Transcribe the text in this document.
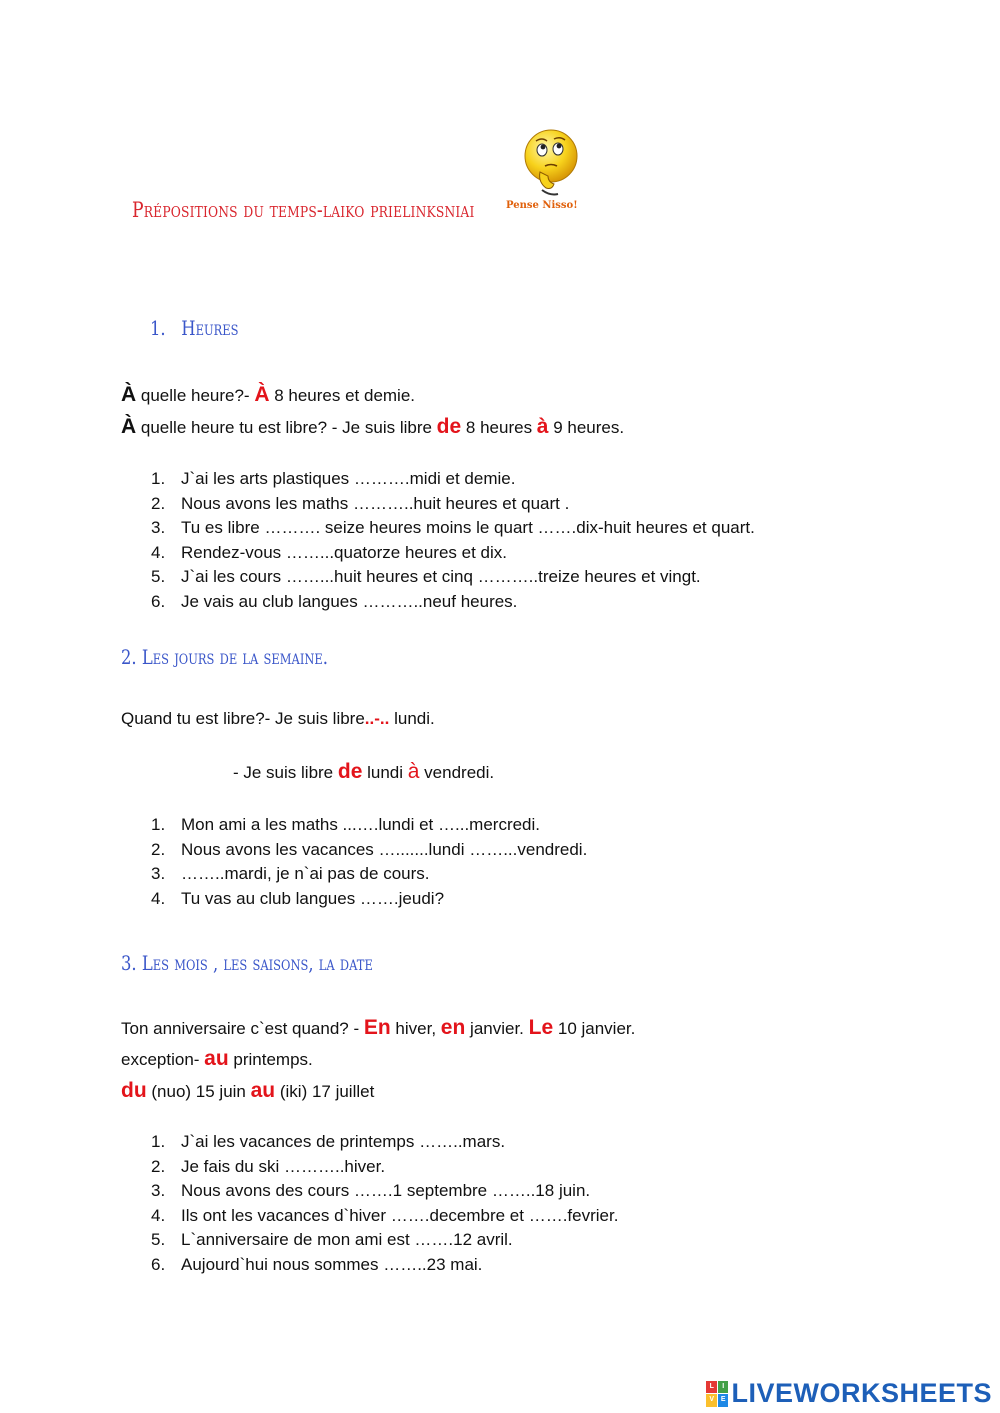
Prépositions du temps-laiko prielinksniai	Pense Nisso!
1. Heures
À quelle heure?- À 8 heures et demie.
À quelle heure tu est libre? - Je suis libre de 8 heures à 9 heures.
1. J`ai les arts plastiques ……….midi et demie.
2. Nous avons les maths ………..huit heures et quart .
3. Tu es libre ………. seize heures moins le quart …….dix-huit heures et quart.
4. Rendez-vous ……...quatorze heures et dix.
5. J`ai les cours ……...huit heures et cinq ………..treize heures et vingt.
6. Je vais au club langues ………..neuf heures.
2. Les jours de la semaine.
Quand tu est libre?- Je suis libre..-.. lundi.
- Je suis libre de lundi à vendredi.
1. Mon ami a les maths ...….lundi et …...mercredi.
2. Nous avons les vacances ….......lundi ……...vendredi.
3. ……..mardi, je n`ai pas de cours.
4. Tu vas au club langues …….jeudi?
3. Les mois , les saisons, la date
Ton anniversaire c`est quand? - En hiver, en janvier. Le 10 janvier.
exception- au printemps.
du (nuo) 15 juin au (iki) 17 juillet
1. J`ai les vacances de printemps ……..mars.
2. Je fais du ski ………..hiver.
3. Nous avons des cours …….1 septembre ……..18 juin.
4. Ils ont les vacances d`hiver …….decembre et …….fevrier.
5. L`anniversaire de mon ami est …….12 avril.
6. Aujourd`hui nous sommes ……..23 mai.
L	I
V E LIVEWORKSHEETS
